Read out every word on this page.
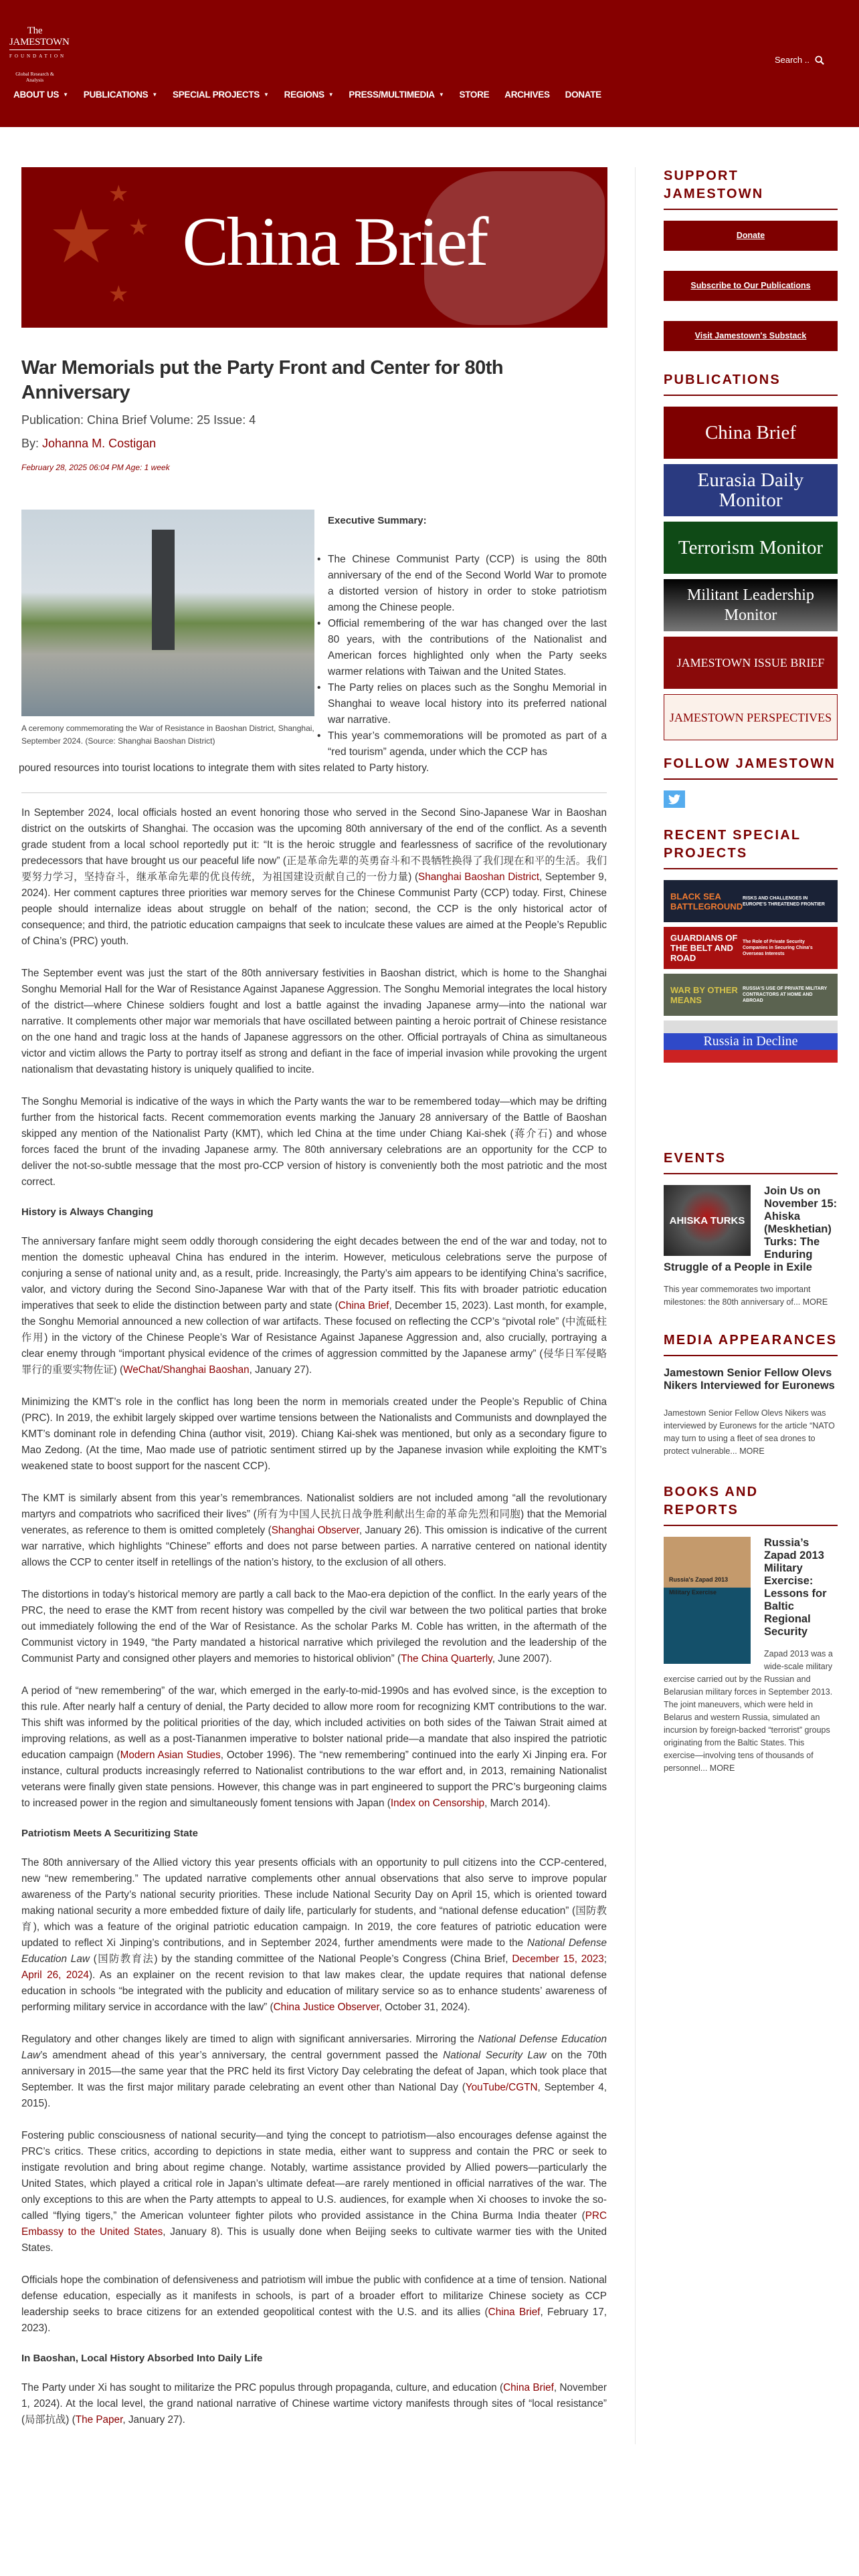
The JAMESTOWN
FOUNDATION
Global Research & Analysis
Search ..
ABOUT US ▼ PUBLICATIONS ▼ SPECIAL PROJECTS ▼ REGIONS ▼ PRESS/MULTIMEDIA ▼ STORE ARCHIVES DONATE
★
★
★
★
China Brief
War Memorials put the Party Front and Center for 80th Anniversary
Publication: China Brief Volume: 25 Issue: 4
By: Johanna M. Costigan
February 28, 2025 06:04 PM Age: 1 week
A ceremony commemorating the War of Resistance in Baoshan District, Shanghai, September 2024. (Source: Shanghai Baoshan District)
Executive Summary:
• The Chinese Communist Party (CCP) is using the 80th anniversary of the end of the Second World War to promote a distorted version of history in order to stoke patriotism among the Chinese people.
• Official remembering of the war has changed over the last 80 years, with the contributions of the Nationalist and American forces highlighted only when the Party seeks warmer relations with Taiwan and the United States.
• The Party relies on places such as the Songhu Memorial in Shanghai to weave local history into its preferred national war narrative.
• This year’s commemorations will be promoted as part of a “red tourism” agenda, under which the CCP has
poured resources into tourist locations to integrate them with sites related to Party history.

In September 2024, local officials hosted an event honoring those who served in the Second Sino-Japanese War in Baoshan district on the outskirts of Shanghai. The occasion was the upcoming 80th anniversary of the end of the conflict. As a seventh grade student from a local school reportedly put it: “It is the heroic struggle and fearlessness of sacrifice of the revolutionary predecessors that have brought us our peaceful life now” (正是革命先辈的英勇奋斗和不畏牺牲换得了我们现在和平的生活。我们要努力学习，坚持奋斗，继承革命先辈的优良传统，为祖国建设贡献自己的一份力量) (Shanghai Baoshan District, September 9, 2024). Her comment captures three priorities war memory serves for the Chinese Communist Party (CCP) today. First, Chinese people should internalize ideas about struggle on behalf of the nation; second, the CCP is the only historical actor of consequence; and third, the patriotic education campaigns that seek to inculcate these values are aimed at the People’s Republic of China’s (PRC) youth.

The September event was just the start of the 80th anniversary festivities in Baoshan district, which is home to the Shanghai Songhu Memorial Hall for the War of Resistance Against Japanese Aggression. The Songhu Memorial integrates the local history of the district—where Chinese soldiers fought and lost a battle against the invading Japanese army—into the national war narrative. It complements other major war memorials that have oscillated between painting a heroic portrait of Chinese resistance on the one hand and tragic loss at the hands of Japanese aggressors on the other. Official portrayals of China as simultaneous victor and victim allows the Party to portray itself as strong and defiant in the face of imperial invasion while provoking the urgent nationalism that devastating history is uniquely qualified to incite.

The Songhu Memorial is indicative of the ways in which the Party wants the war to be remembered today—which may be drifting further from the historical facts. Recent commemoration events marking the January 28 anniversary of the Battle of Baoshan skipped any mention of the Nationalist Party (KMT), which led China at the time under Chiang Kai-shek (蒋介石) and whose forces faced the brunt of the invading Japanese army. The 80th anniversary celebrations are an opportunity for the CCP to deliver the not-so-subtle message that the most pro-CCP version of history is conveniently both the most patriotic and the most correct.

History is Always Changing

The anniversary fanfare might seem oddly thorough considering the eight decades between the end of the war and today, not to mention the domestic upheaval China has endured in the interim. However, meticulous celebrations serve the purpose of conjuring a sense of national unity and, as a result, pride. Increasingly, the Party’s aim appears to be identifying China’s sacrifice, valor, and victory during the Second Sino-Japanese War with that of the Party itself. This fits with broader patriotic education imperatives that seek to elide the distinction between party and state (China Brief, December 15, 2023). Last month, for example, the Songhu Memorial announced a new collection of war artifacts. These focused on reflecting the CCP’s “pivotal role” (中流砥柱作用) in the victory of the Chinese People’s War of Resistance Against Japanese Aggression and, also crucially, portraying a clear enemy through “important physical evidence of the crimes of aggression committed by the Japanese army” (侵华日军侵略罪行的重要实物佐证) (WeChat/Shanghai Baoshan, January 27).

Minimizing the KMT’s role in the conflict has long been the norm in memorials created under the People’s Republic of China (PRC). In 2019, the exhibit largely skipped over wartime tensions between the Nationalists and Communists and downplayed the KMT’s dominant role in defending China (author visit, 2019). Chiang Kai-shek was mentioned, but only as a secondary figure to Mao Zedong. (At the time, Mao made use of patriotic sentiment stirred up by the Japanese invasion while exploiting the KMT’s weakened state to boost support for the nascent CCP).

The KMT is similarly absent from this year’s remembrances. Nationalist soldiers are not included among “all the revolutionary martyrs and compatriots who sacrificed their lives” (所有为中国人民抗日战争胜利献出生命的革命先烈和同胞) that the Memorial venerates, as reference to them is omitted completely (Shanghai Observer, January 26). This omission is indicative of the current war narrative, which highlights “Chinese” efforts and does not parse between parties. A narrative centered on national identity allows the CCP to center itself in retellings of the nation’s history, to the exclusion of all others.

The distortions in today’s historical memory are partly a call back to the Mao-era depiction of the conflict. In the early years of the PRC, the need to erase the KMT from recent history was compelled by the civil war between the two political parties that broke out immediately following the end of the War of Resistance. As the scholar Parks M. Coble has written, in the aftermath of the Communist victory in 1949, “the Party mandated a historical narrative which privileged the revolution and the leadership of the Communist Party and consigned other players and memories to historical oblivion” (The China Quarterly, June 2007).

A period of “new remembering” of the war, which emerged in the early-to-mid-1990s and has evolved since, is the exception to this rule. After nearly half a century of denial, the Party decided to allow more room for recognizing KMT contributions to the war. This shift was informed by the political priorities of the day, which included activities on both sides of the Taiwan Strait aimed at improving relations, as well as a post-Tiananmen imperative to bolster national pride—a mandate that also inspired the patriotic education campaign (Modern Asian Studies, October 1996). The “new remembering” continued into the early Xi Jinping era. For instance, cultural products increasingly referred to Nationalist contributions to the war effort and, in 2013, remaining Nationalist veterans were finally given state pensions. However, this change was in part engineered to support the PRC’s burgeoning claims to increased power in the region and simultaneously foment tensions with Japan (Index on Censorship, March 2014).

Patriotism Meets A Securitizing State

The 80th anniversary of the Allied victory this year presents officials with an opportunity to pull citizens into the CCP-centered, new “new remembering.” The updated narrative complements other annual observations that also serve to improve popular awareness of the Party’s national security priorities. These include National Security Day on April 15, which is oriented toward making national security a more embedded fixture of daily life, particularly for students, and “national defense education” (国防教育), which was a feature of the original patriotic education campaign. In 2019, the core features of patriotic education were updated to reflect Xi Jinping’s contributions, and in September 2024, further amendments were made to the National Defense Education Law (国防教育法) by the standing committee of the National People’s Congress (China Brief, December 15, 2023; April 26, 2024). As an explainer on the recent revision to that law makes clear, the update requires that national defense education in schools “be integrated with the publicity and education of military service so as to enhance students’ awareness of performing military service in accordance with the law” (China Justice Observer, October 31, 2024).

Regulatory and other changes likely are timed to align with significant anniversaries. Mirroring the National Defense Education Law’s amendment ahead of this year’s anniversary, the central government passed the National Security Law on the 70th anniversary in 2015—the same year that the PRC held its first Victory Day celebrating the defeat of Japan, which took place that September. It was the first major military parade celebrating an event other than National Day (YouTube/CGTN, September 4, 2015).

Fostering public consciousness of national security—and tying the concept to patriotism—also encourages defense against the PRC’s critics. These critics, according to depictions in state media, either want to suppress and contain the PRC or seek to instigate revolution and bring about regime change. Notably, wartime assistance provided by Allied powers—particularly the United States, which played a critical role in Japan’s ultimate defeat—are rarely mentioned in official narratives of the war. The only exceptions to this are when the Party attempts to appeal to U.S. audiences, for example when Xi chooses to invoke the so-called “flying tigers,” the American volunteer fighter pilots who provided assistance in the China Burma India theater (PRC Embassy to the United States, January 8). This is usually done when Beijing seeks to cultivate warmer ties with the United States.

Officials hope the combination of defensiveness and patriotism will imbue the public with confidence at a time of tension. National defense education, especially as it manifests in schools, is part of a broader effort to militarize Chinese society as CCP leadership seeks to brace citizens for an extended geopolitical contest with the U.S. and its allies (China Brief, February 17, 2023).

In Baoshan, Local History Absorbed Into Daily Life

The Party under Xi has sought to militarize the PRC populus through propaganda, culture, and education (China Brief, November 1, 2024). At the local level, the grand national narrative of Chinese wartime victory manifests through sites of “local resistance” (局部抗战) (The Paper, January 27).

SUPPORT JAMESTOWN
Donate
Subscribe to Our Publications
Visit Jamestown's Substack
PUBLICATIONS
China Brief
Eurasia Daily Monitor
Terrorism Monitor
Militant Leadership Monitor
JAMESTOWN ISSUE BRIEF
JAMESTOWN PERSPECTIVES
FOLLOW JAMESTOWN
RECENT SPECIAL PROJECTS
BLACK SEA BATTLEGROUND
RISKS AND CHALLENGES IN EUROPE'S THREATENED FRONTIER
GUARDIANS OF THE BELT AND ROAD
The Role of Private Security Companies in Securing China's Overseas Interests
WAR BY OTHER MEANS
RUSSIA'S USE OF PRIVATE MILITARY CONTRACTORS AT HOME AND ABROAD
Russia in Decline
EVENTS
AHISKA TURKS
Join Us on November 15: Ahiska (Meskhetian) Turks: The Enduring Struggle of a People in Exile
This year commemorates two important milestones: the 80th anniversary of... MORE
MEDIA APPEARANCES
Jamestown Senior Fellow Olevs Nikers Interviewed for Euronews
Jamestown Senior Fellow Olevs Nikers was interviewed by Euronews for the article “NATO may turn to using a fleet of sea drones to protect vulnerable... MORE
BOOKS AND REPORTS
Russia's Zapad 2013 Military Exercise
Russia’s Zapad 2013 Military Exercise: Lessons for Baltic Regional Security
Zapad 2013 was a wide-scale military exercise carried out by the Russian and Belarusian military forces in September 2013. The joint maneuvers, which were held in Belarus and western Russia, simulated an incursion by foreign-backed “terrorist” groups originating from the Baltic States. This exercise—involving tens of thousands of personnel... MORE
